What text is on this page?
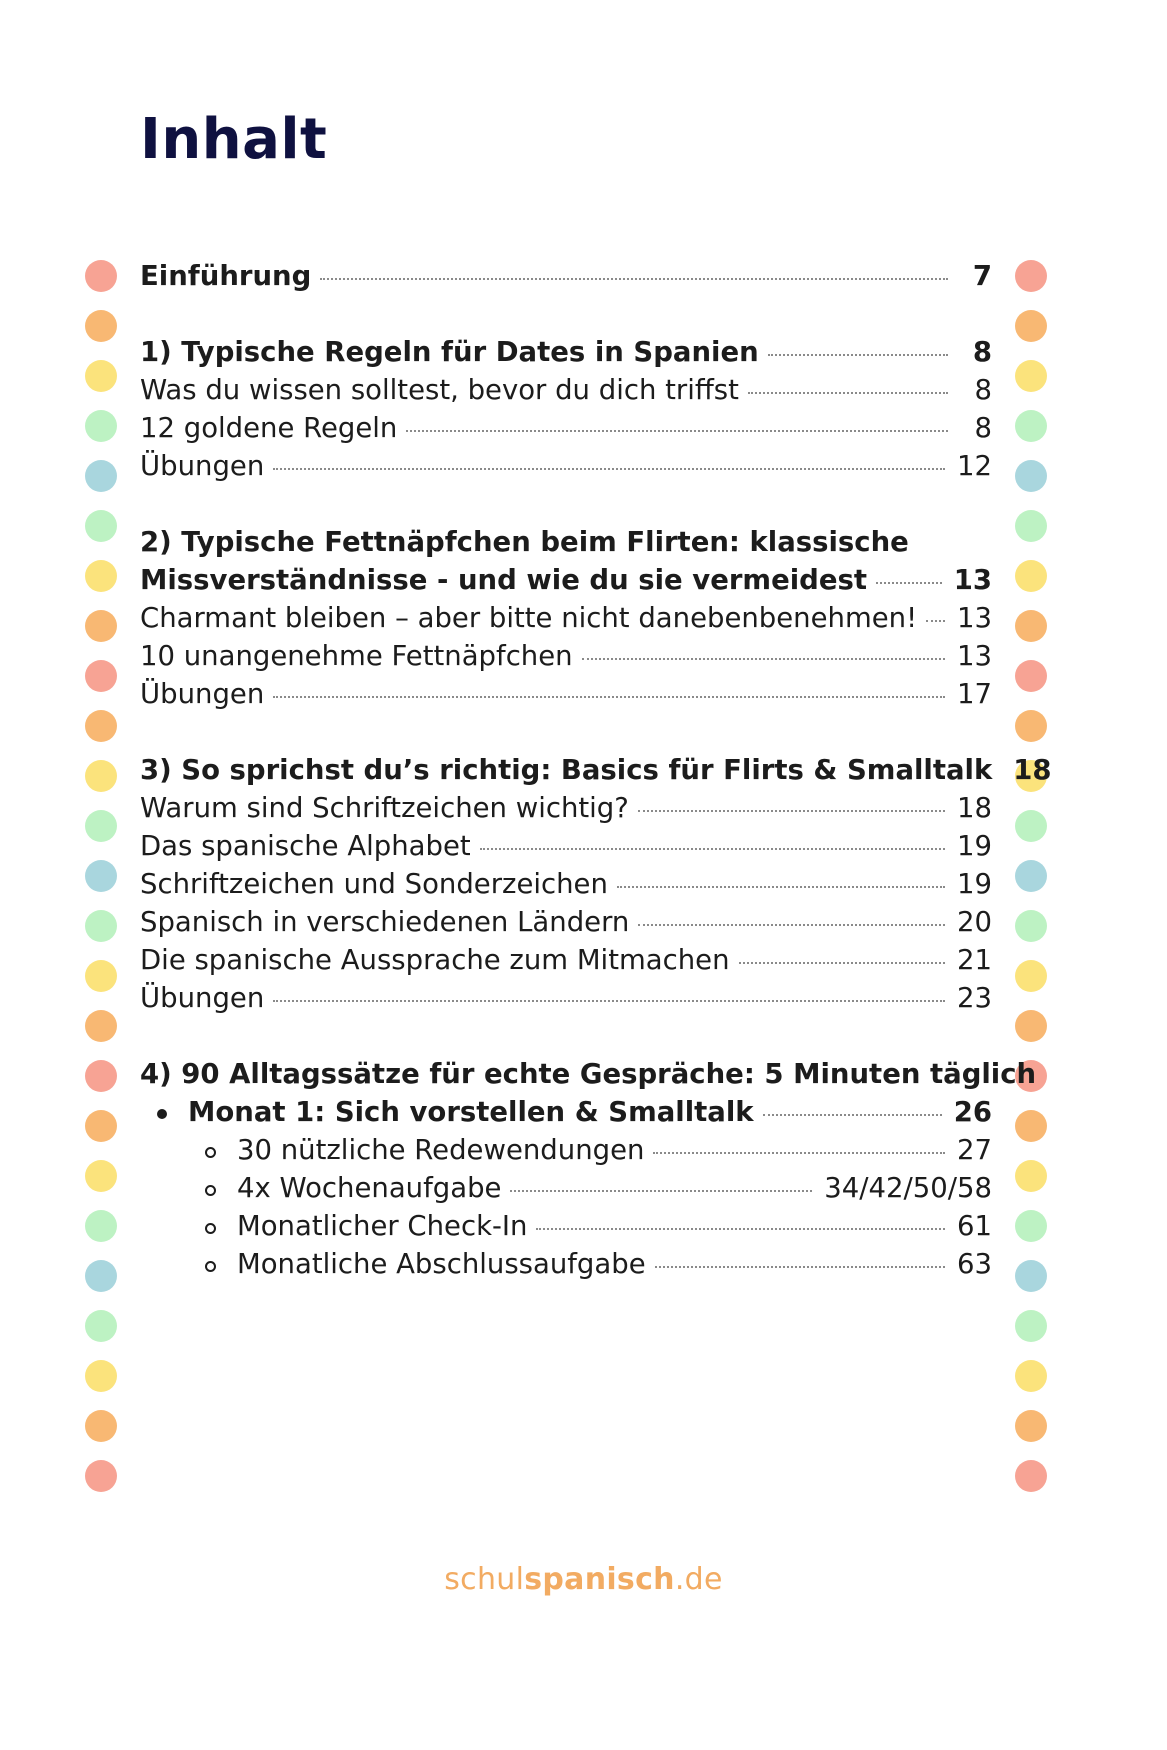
Inhalt
Einführung	7
1) Typische Regeln für Dates in Spanien	8
Was du wissen solltest, bevor du dich triffst	8
12 goldene Regeln	8
Übungen	12
2) Typische Fettnäpfchen beim Flirten: klassische
Missverständnisse - und wie du sie vermeidest	13
Charmant bleiben – aber bitte nicht danebenbenehmen! 13
10 unangenehme Fettnäpfchen	13
Übungen	17
3) So sprichst du’s richtig: Basics für Flirts & Smalltalk 18
Warum sind Schriftzeichen wichtig?	18
Das spanische Alphabet	19
Schriftzeichen und Sonderzeichen	19
Spanisch in verschiedenen Ländern	20
Die spanische Aussprache zum Mitmachen	21
Übungen	23
4) 90 Alltagssätze für echte Gespräche: 5 Minuten täglich
Monat 1: Sich vorstellen & Smalltalk	26
30 nützliche Redewendungen	27
4x Wochenaufgabe	34/42/50/58
Monatlicher Check-In	61
Monatliche Abschlussaufgabe	63
schulspanisch.de
